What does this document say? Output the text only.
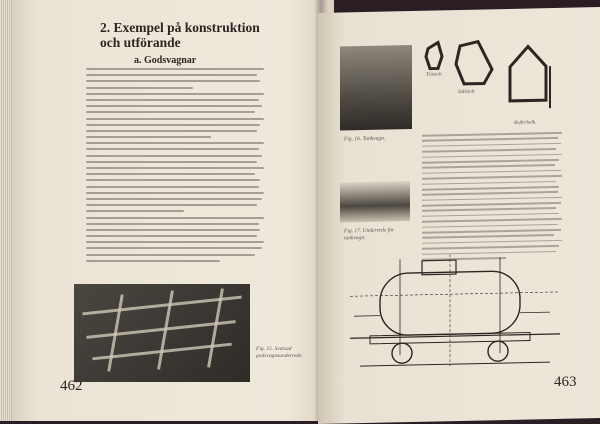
2. Exempel på konstruktion och utförande
a. Godsvagnar
Fig. 15. Svetsad godsvagnsunderrede.
462
Fig. 16. Tankvagn.
Trästolt.
Stålstolt.
Bofferbalk.
Fig. 17. Underrede för tankvagn.
463
